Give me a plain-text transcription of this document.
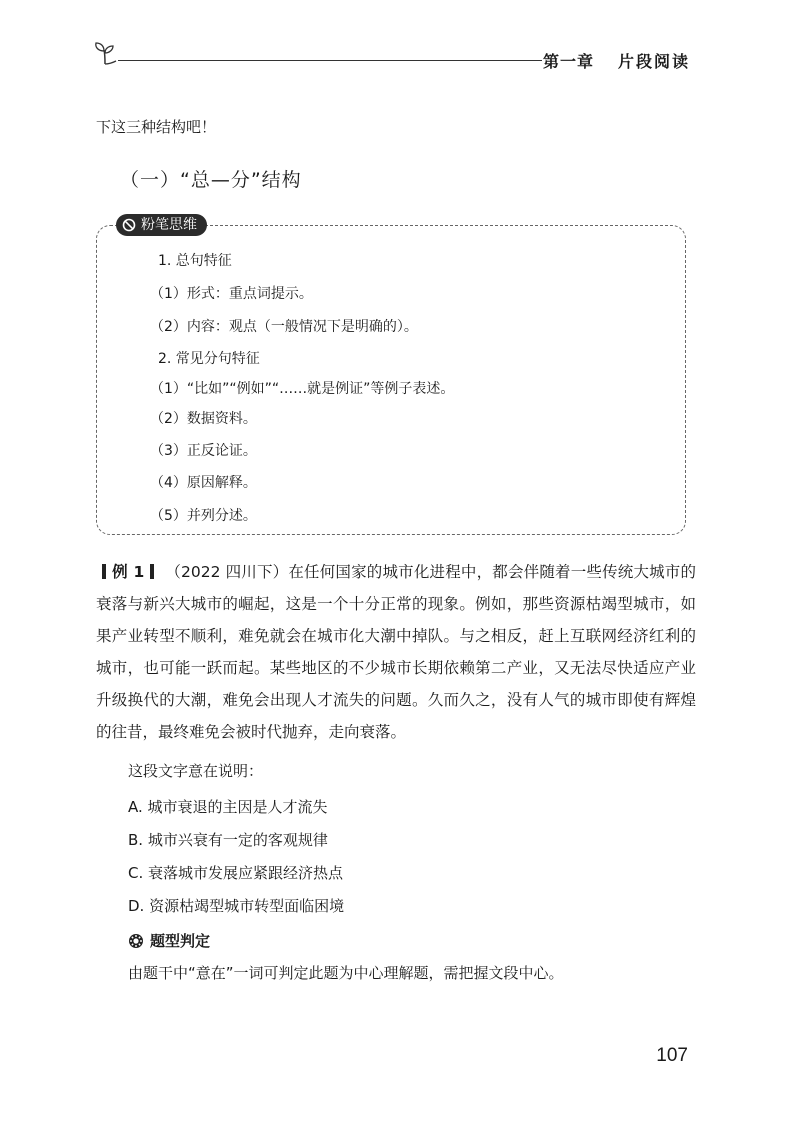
第一章 片段阅读
下这三种结构吧！
（一）“总—分”结构
粉笔思维
1. 总句特征
（1）形式：重点词提示。
（2）内容：观点（一般情况下是明确的）。
2. 常见分句特征
（1）“比如”“例如”“……就是例证”等例子表述。
（2）数据资料。
（3）正反论证。
（4）原因解释。
（5）并列分述。
例 1 （2022 四川下）在任何国家的城市化进程中，都会伴随着一些传统大城市的衰落与新兴大城市的崛起，这是一个十分正常的现象。例如，那些资源枯竭型城市，如果产业转型不顺利，难免就会在城市化大潮中掉队。与之相反，赶上互联网经济红利的城市，也可能一跃而起。某些地区的不少城市长期依赖第二产业，又无法尽快适应产业升级换代的大潮，难免会出现人才流失的问题。久而久之，没有人气的城市即使有辉煌的往昔，最终难免会被时代抛弃，走向衰落。
这段文字意在说明：
A. 城市衰退的主因是人才流失
B. 城市兴衰有一定的客观规律
C. 衰落城市发展应紧跟经济热点
D. 资源枯竭型城市转型面临困境
题型判定
由题干中“意在”一词可判定此题为中心理解题，需把握文段中心。
107
